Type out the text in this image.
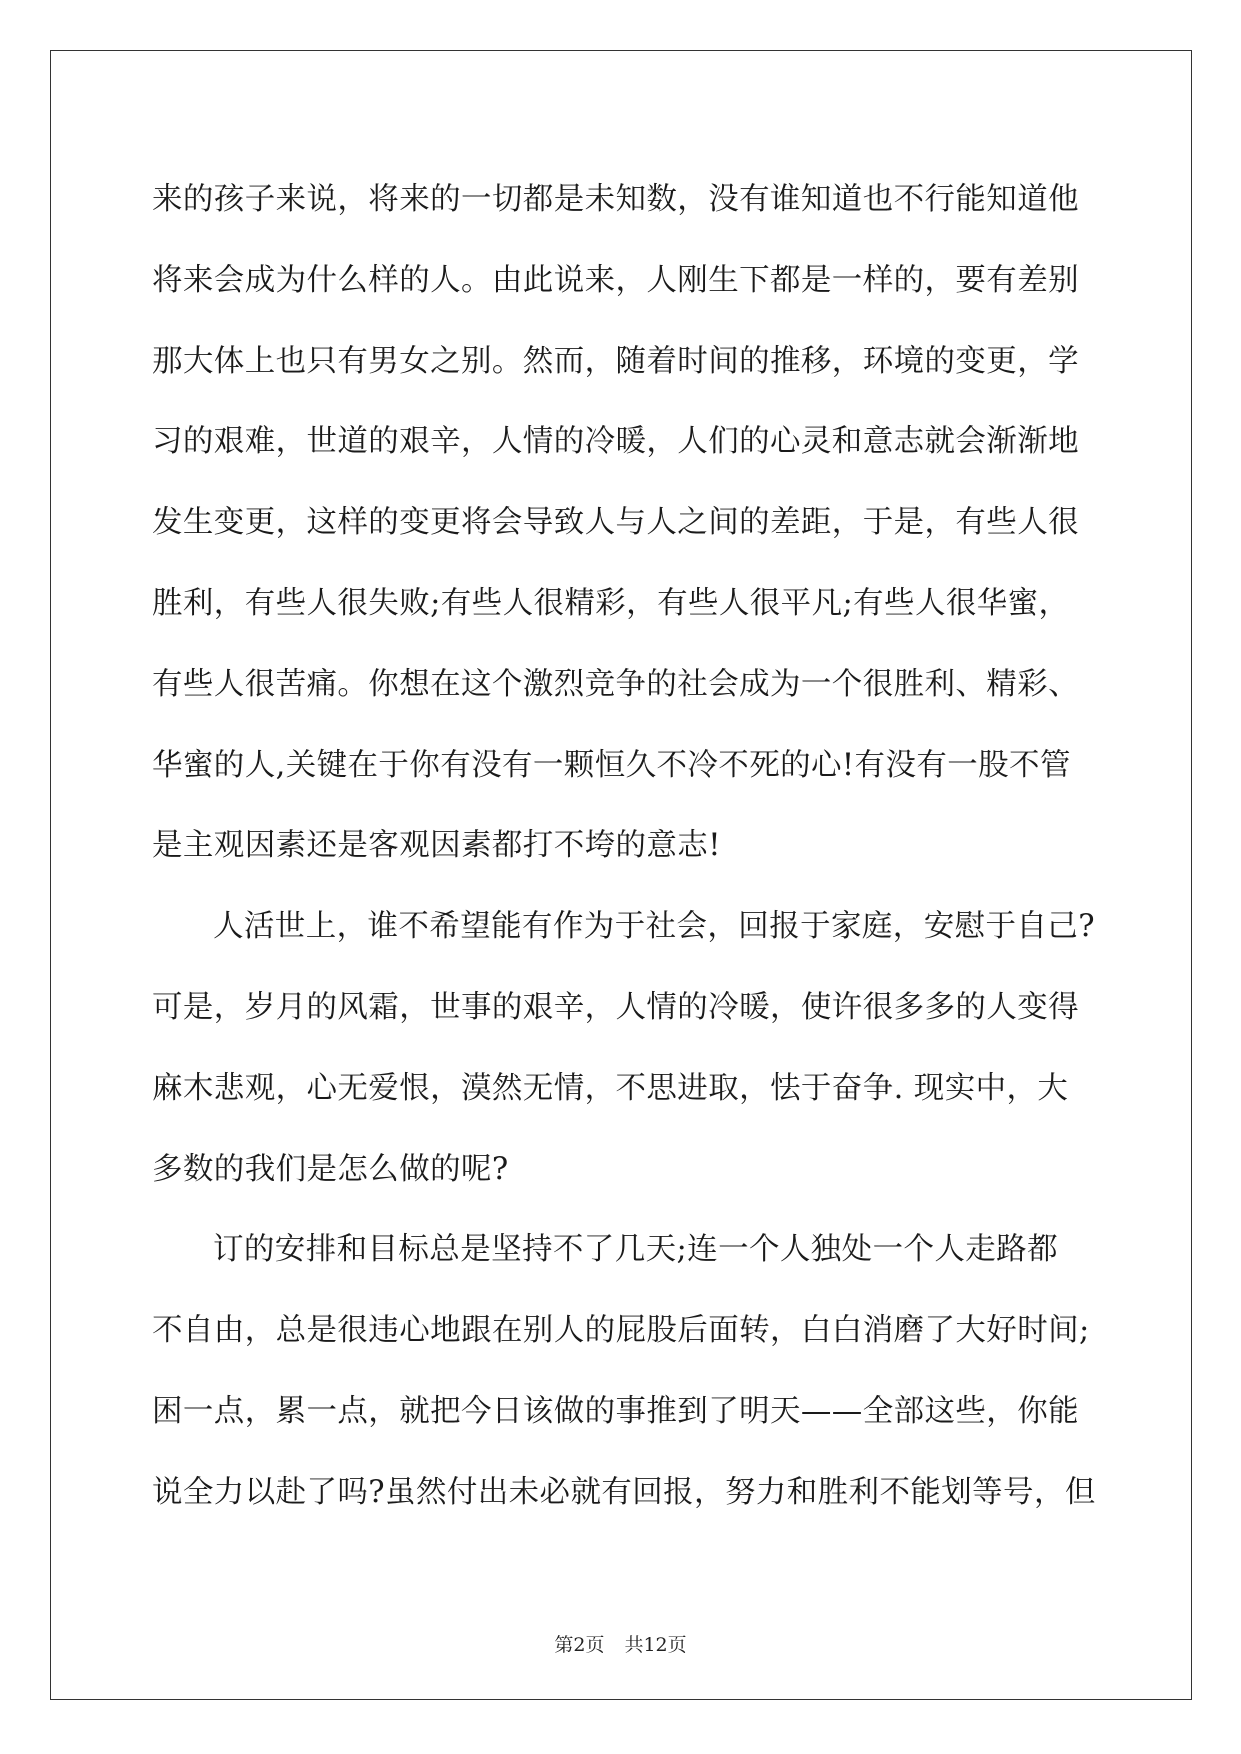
来的孩子来说，将来的一切都是未知数，没有谁知道也不行能知道他
将来会成为什么样的人。由此说来，人刚生下都是一样的，要有差别
那大体上也只有男女之别。然而，随着时间的推移，环境的变更，学
习的艰难，世道的艰辛，人情的冷暖，人们的心灵和意志就会渐渐地
发生变更，这样的变更将会导致人与人之间的差距，于是，有些人很
胜利，有些人很失败;有些人很精彩，有些人很平凡;有些人很华蜜，
有些人很苦痛。你想在这个激烈竞争的社会成为一个很胜利、精彩、
华蜜的人,关键在于你有没有一颗恒久不冷不死的心!有没有一股不管
是主观因素还是客观因素都打不垮的意志!
人活世上，谁不希望能有作为于社会，回报于家庭，安慰于自己?
可是，岁月的风霜，世事的艰辛，人情的冷暖，使许很多多的人变得
麻木悲观，心无爱恨，漠然无情，不思进取，怯于奋争. 现实中，大
多数的我们是怎么做的呢?
订的安排和目标总是坚持不了几天;连一个人独处一个人走路都
不自由，总是很违心地跟在别人的屁股后面转，白白消磨了大好时间;
困一点，累一点，就把今日该做的事推到了明天——全部这些，你能
说全力以赴了吗?虽然付出未必就有回报，努力和胜利不能划等号，但
第2页 共12页
